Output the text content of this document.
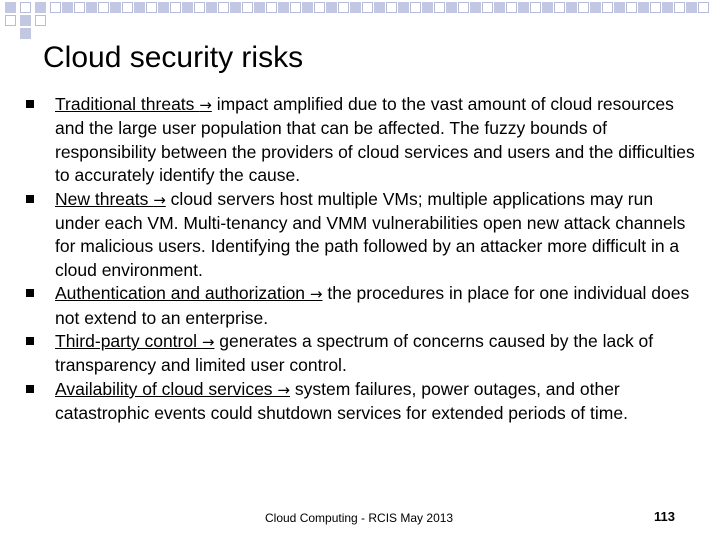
Cloud security risks
Traditional threats → impact amplified due to the vast amount of cloud resources and the large user population that can be affected. The fuzzy bounds of responsibility between the providers of cloud services and users and the difficulties to accurately identify the cause.
New threats → cloud servers host multiple VMs; multiple applications may run under each VM. Multi-tenancy and VMM vulnerabilities open new attack channels for malicious users. Identifying the path followed by an attacker more difficult in a cloud environment.
Authentication and authorization → the procedures in place for one individual does not extend to an enterprise.
Third-party control → generates a spectrum of concerns caused by the lack of transparency and limited user control.
Availability of cloud services → system failures, power outages, and other catastrophic events could shutdown services for extended periods of time.
Cloud Computing - RCIS May 2013	113
